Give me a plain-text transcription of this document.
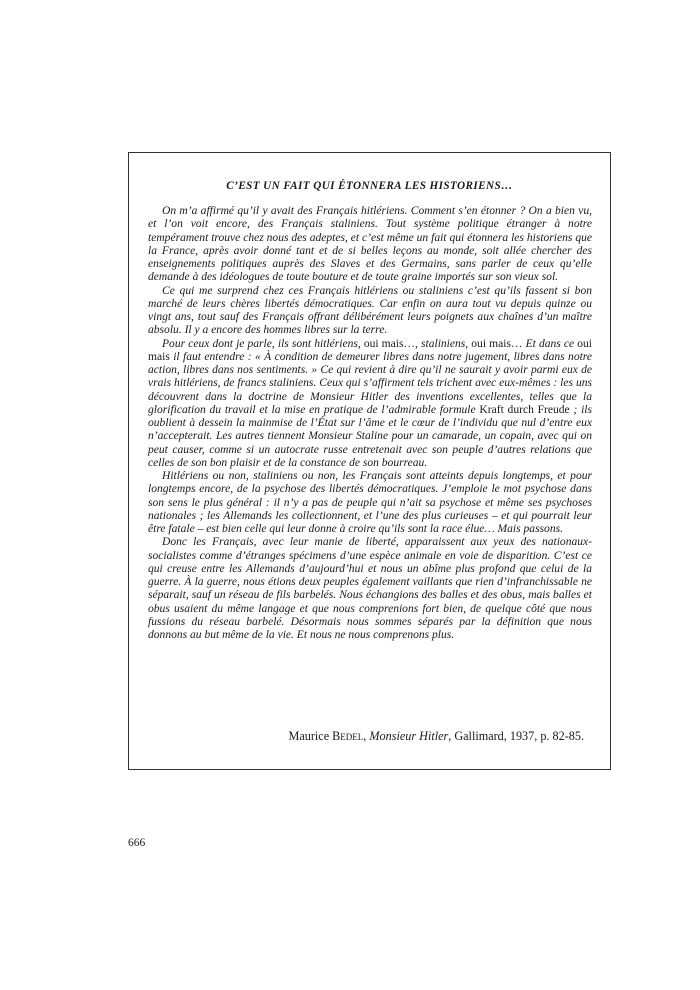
C’EST UN FAIT QUI ÉTONNERA LES HISTORIENS…

On m’a affirmé qu’il y avait des Français hitlériens. Comment s’en étonner ? On a bien vu, et l’on voit encore, des Français staliniens. Tout système politique étranger à notre tempérament trouve chez nous des adeptes, et c’est même un fait qui étonnera les historiens que la France, après avoir donné tant et de si belles leçons au monde, soit allée chercher des enseignements politiques auprès des Slaves et des Germains, sans parler de ceux qu’elle demande à des idéologues de toute bouture et de toute graine importés sur son vieux sol.

Ce qui me surprend chez ces Français hitlériens ou staliniens c’est qu’ils fassent si bon marché de leurs chères libertés démocratiques. Car enfin on aura tout vu depuis quinze ou vingt ans, tout sauf des Français offrant délibérément leurs poignets aux chaînes d’un maître absolu. Il y a encore des hommes libres sur la terre.

Pour ceux dont je parle, ils sont hitlériens, oui mais…, staliniens, oui mais… Et dans ce oui mais il faut entendre : « À condition de demeurer libres dans notre jugement, libres dans notre action, libres dans nos sentiments. » Ce qui revient à dire qu’il ne saurait y avoir parmi eux de vrais hitlériens, de francs staliniens. Ceux qui s’affirment tels trichent avec eux-mêmes : les uns découvrent dans la doctrine de Monsieur Hitler des inventions excellentes, telles que la glorification du travail et la mise en pratique de l’admirable formule Kraft durch Freude ; ils oublient à dessein la mainmise de l’État sur l’âme et le cœur de l’individu que nul d’entre eux n’accepterait. Les autres tiennent Monsieur Staline pour un camarade, un copain, avec qui on peut causer, comme si un autocrate russe entretenait avec son peuple d’autres relations que celles de son bon plaisir et de la constance de son bourreau.

Hitlériens ou non, staliniens ou non, les Français sont atteints depuis longtemps, et pour longtemps encore, de la psychose des libertés démocratiques. J’emploie le mot psychose dans son sens le plus général : il n’y a pas de peuple qui n’ait sa psychose et même ses psychoses nationales ; les Allemands les collectionnent, et l’une des plus curieuses – et qui pourrait leur être fatale – est bien celle qui leur donne à croire qu’ils sont la race élue… Mais passons.

Donc les Français, avec leur manie de liberté, apparaissent aux yeux des nationaux-socialistes comme d’étranges spécimens d’une espèce animale en voie de disparition. C’est ce qui creuse entre les Allemands d’aujourd’hui et nous un abîme plus profond que celui de la guerre. À la guerre, nous étions deux peuples également vaillants que rien d’infranchissable ne séparait, sauf un réseau de fils barbelés. Nous échangions des balles et des obus, mais balles et obus usaient du même langage et que nous comprenions fort bien, de quelque côté que nous fussions du réseau barbelé. Désormais nous sommes séparés par la définition que nous donnons au but même de la vie. Et nous ne nous comprenons plus.

Maurice Bedel, Monsieur Hitler, Gallimard, 1937, p. 82-85.
666
